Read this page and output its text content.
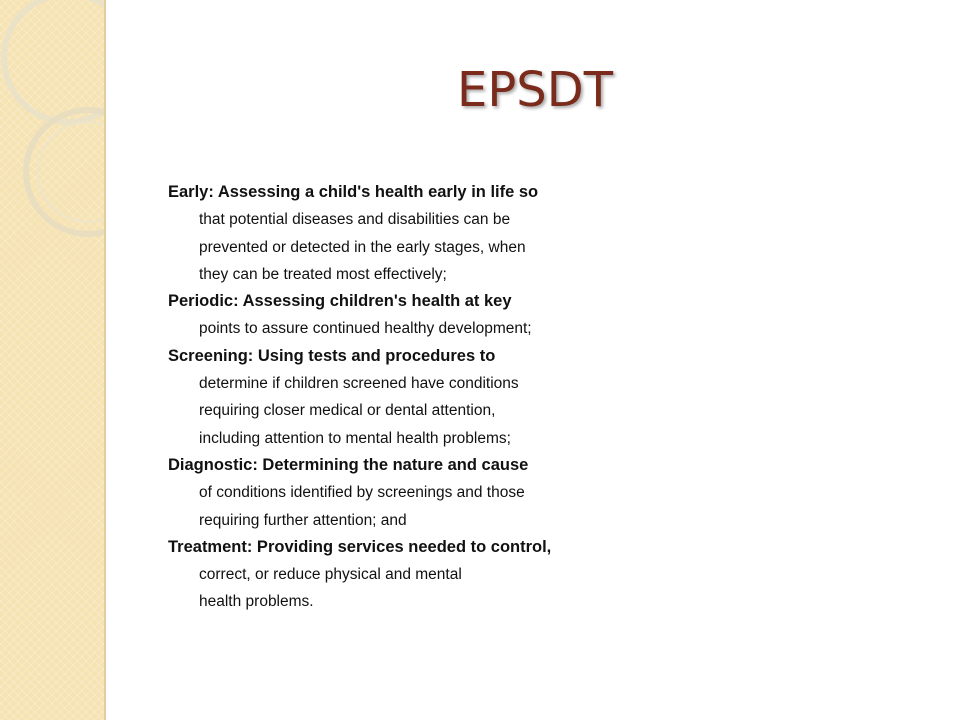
EPSDT
Early: Assessing a child's health early in life so
that potential diseases and disabilities can be
prevented or detected in the early stages, when
they can be treated most effectively;
Periodic: Assessing children's health at key
points to assure continued healthy development;
Screening: Using tests and procedures to
determine if children screened have conditions
requiring closer medical or dental attention,
including attention to mental health problems;
Diagnostic: Determining the nature and cause
of conditions identified by screenings and those
requiring further attention; and
Treatment: Providing services needed to control,
correct, or reduce physical and mental
health problems.
